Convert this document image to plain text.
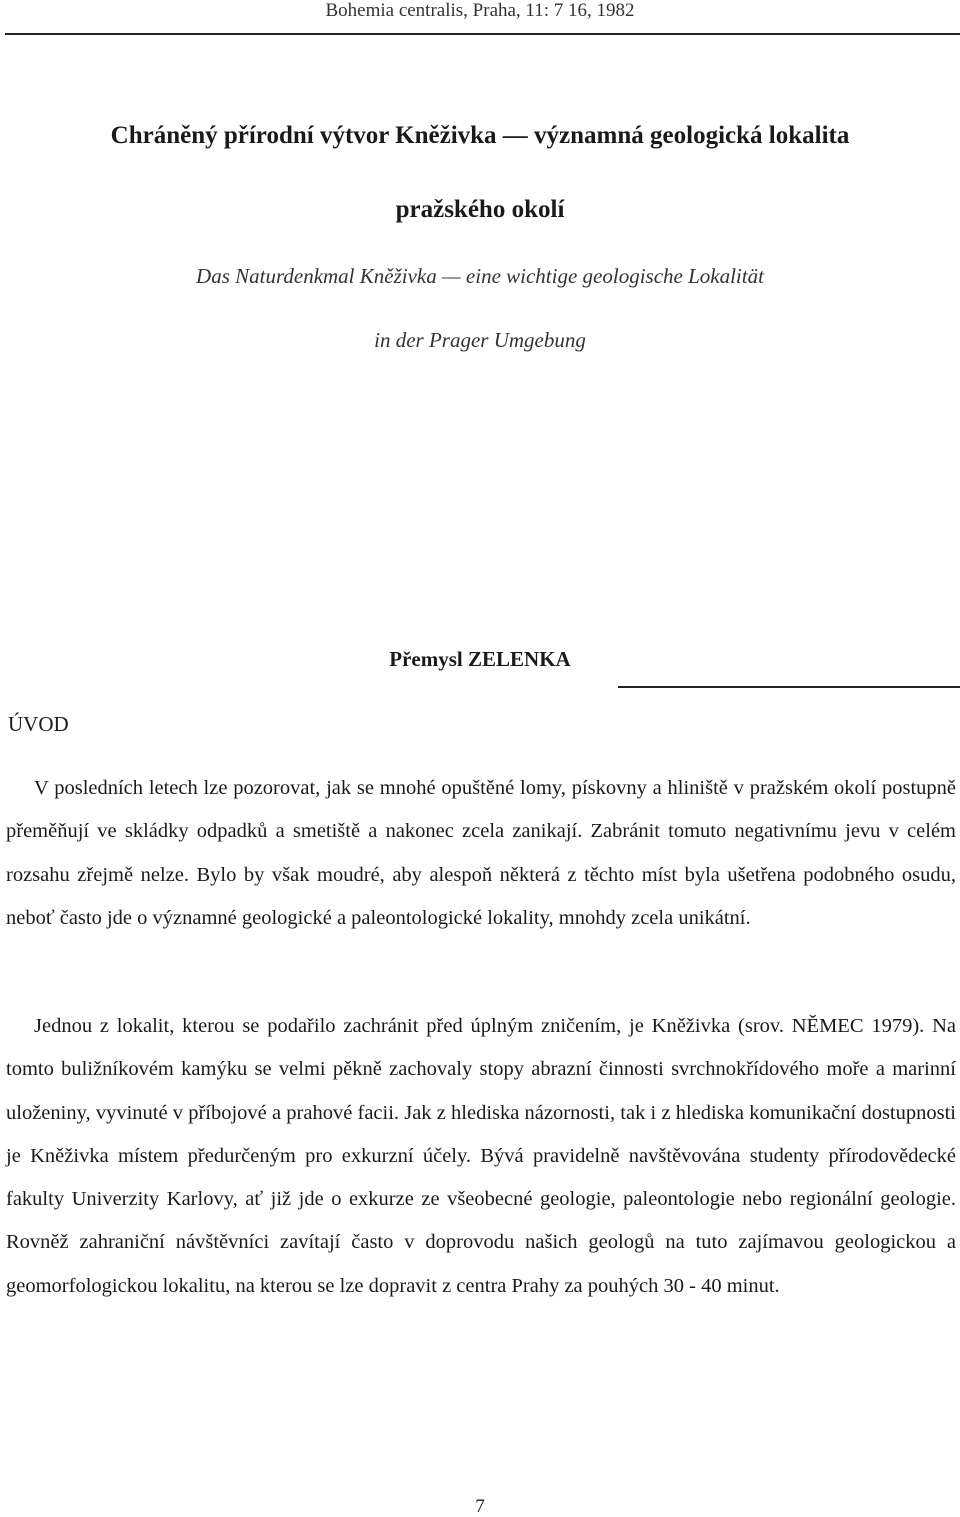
Bohemia centralis, Praha, 11: 7 16, 1982
Chráněný přírodní výtvor Kněživka — významná geologická lokalita
pražského okolí
Das Naturdenkmal Kněživka — eine wichtige geologische Lokalität
in der Prager Umgebung
Přemysl ZELENKA
ÚVOD

V posledních letech lze pozorovat, jak se mnohé opuštěné lomy, pískovny a hliniště v pražském okolí postupně přeměňují ve skládky odpadků a smetiště a nakonec zcela zanikají. Zabránit tomuto negativnímu jevu v celém rozsahu zřejmě nelze. Bylo by však moudré, aby alespoň některá z těchto míst byla ušetřena podobného osudu, neboť často jde o významné geologické a paleontologické lokality, mnohdy zcela unikátní.

Jednou z lokalit, kterou se podařilo zachránit před úplným zničením, je Kněživka (srov. NĚMEC 1979). Na tomto buližníkovém kamýku se velmi pěkně zachovaly stopy abrazní činnosti svrchnokřídového moře a marinní uloženiny, vyvinuté v příbojové a prahové facii. Jak z hlediska názornosti, tak i z hlediska komunikační dostupnosti je Kněživka místem předurčeným pro exkurzní účely. Bývá pravidelně navštěvována studenty přírodovědecké fakulty Univerzity Karlovy, ať již jde o exkurze ze všeobecné geologie, paleontologie nebo regionální geologie. Rovněž zahraniční návštěvníci zavítají často v doprovodu našich geologů na tuto zajímavou geologickou a geomorfologickou lokalitu, na kterou se lze dopravit z centra Prahy za pouhých 30 - 40 minut.

7
